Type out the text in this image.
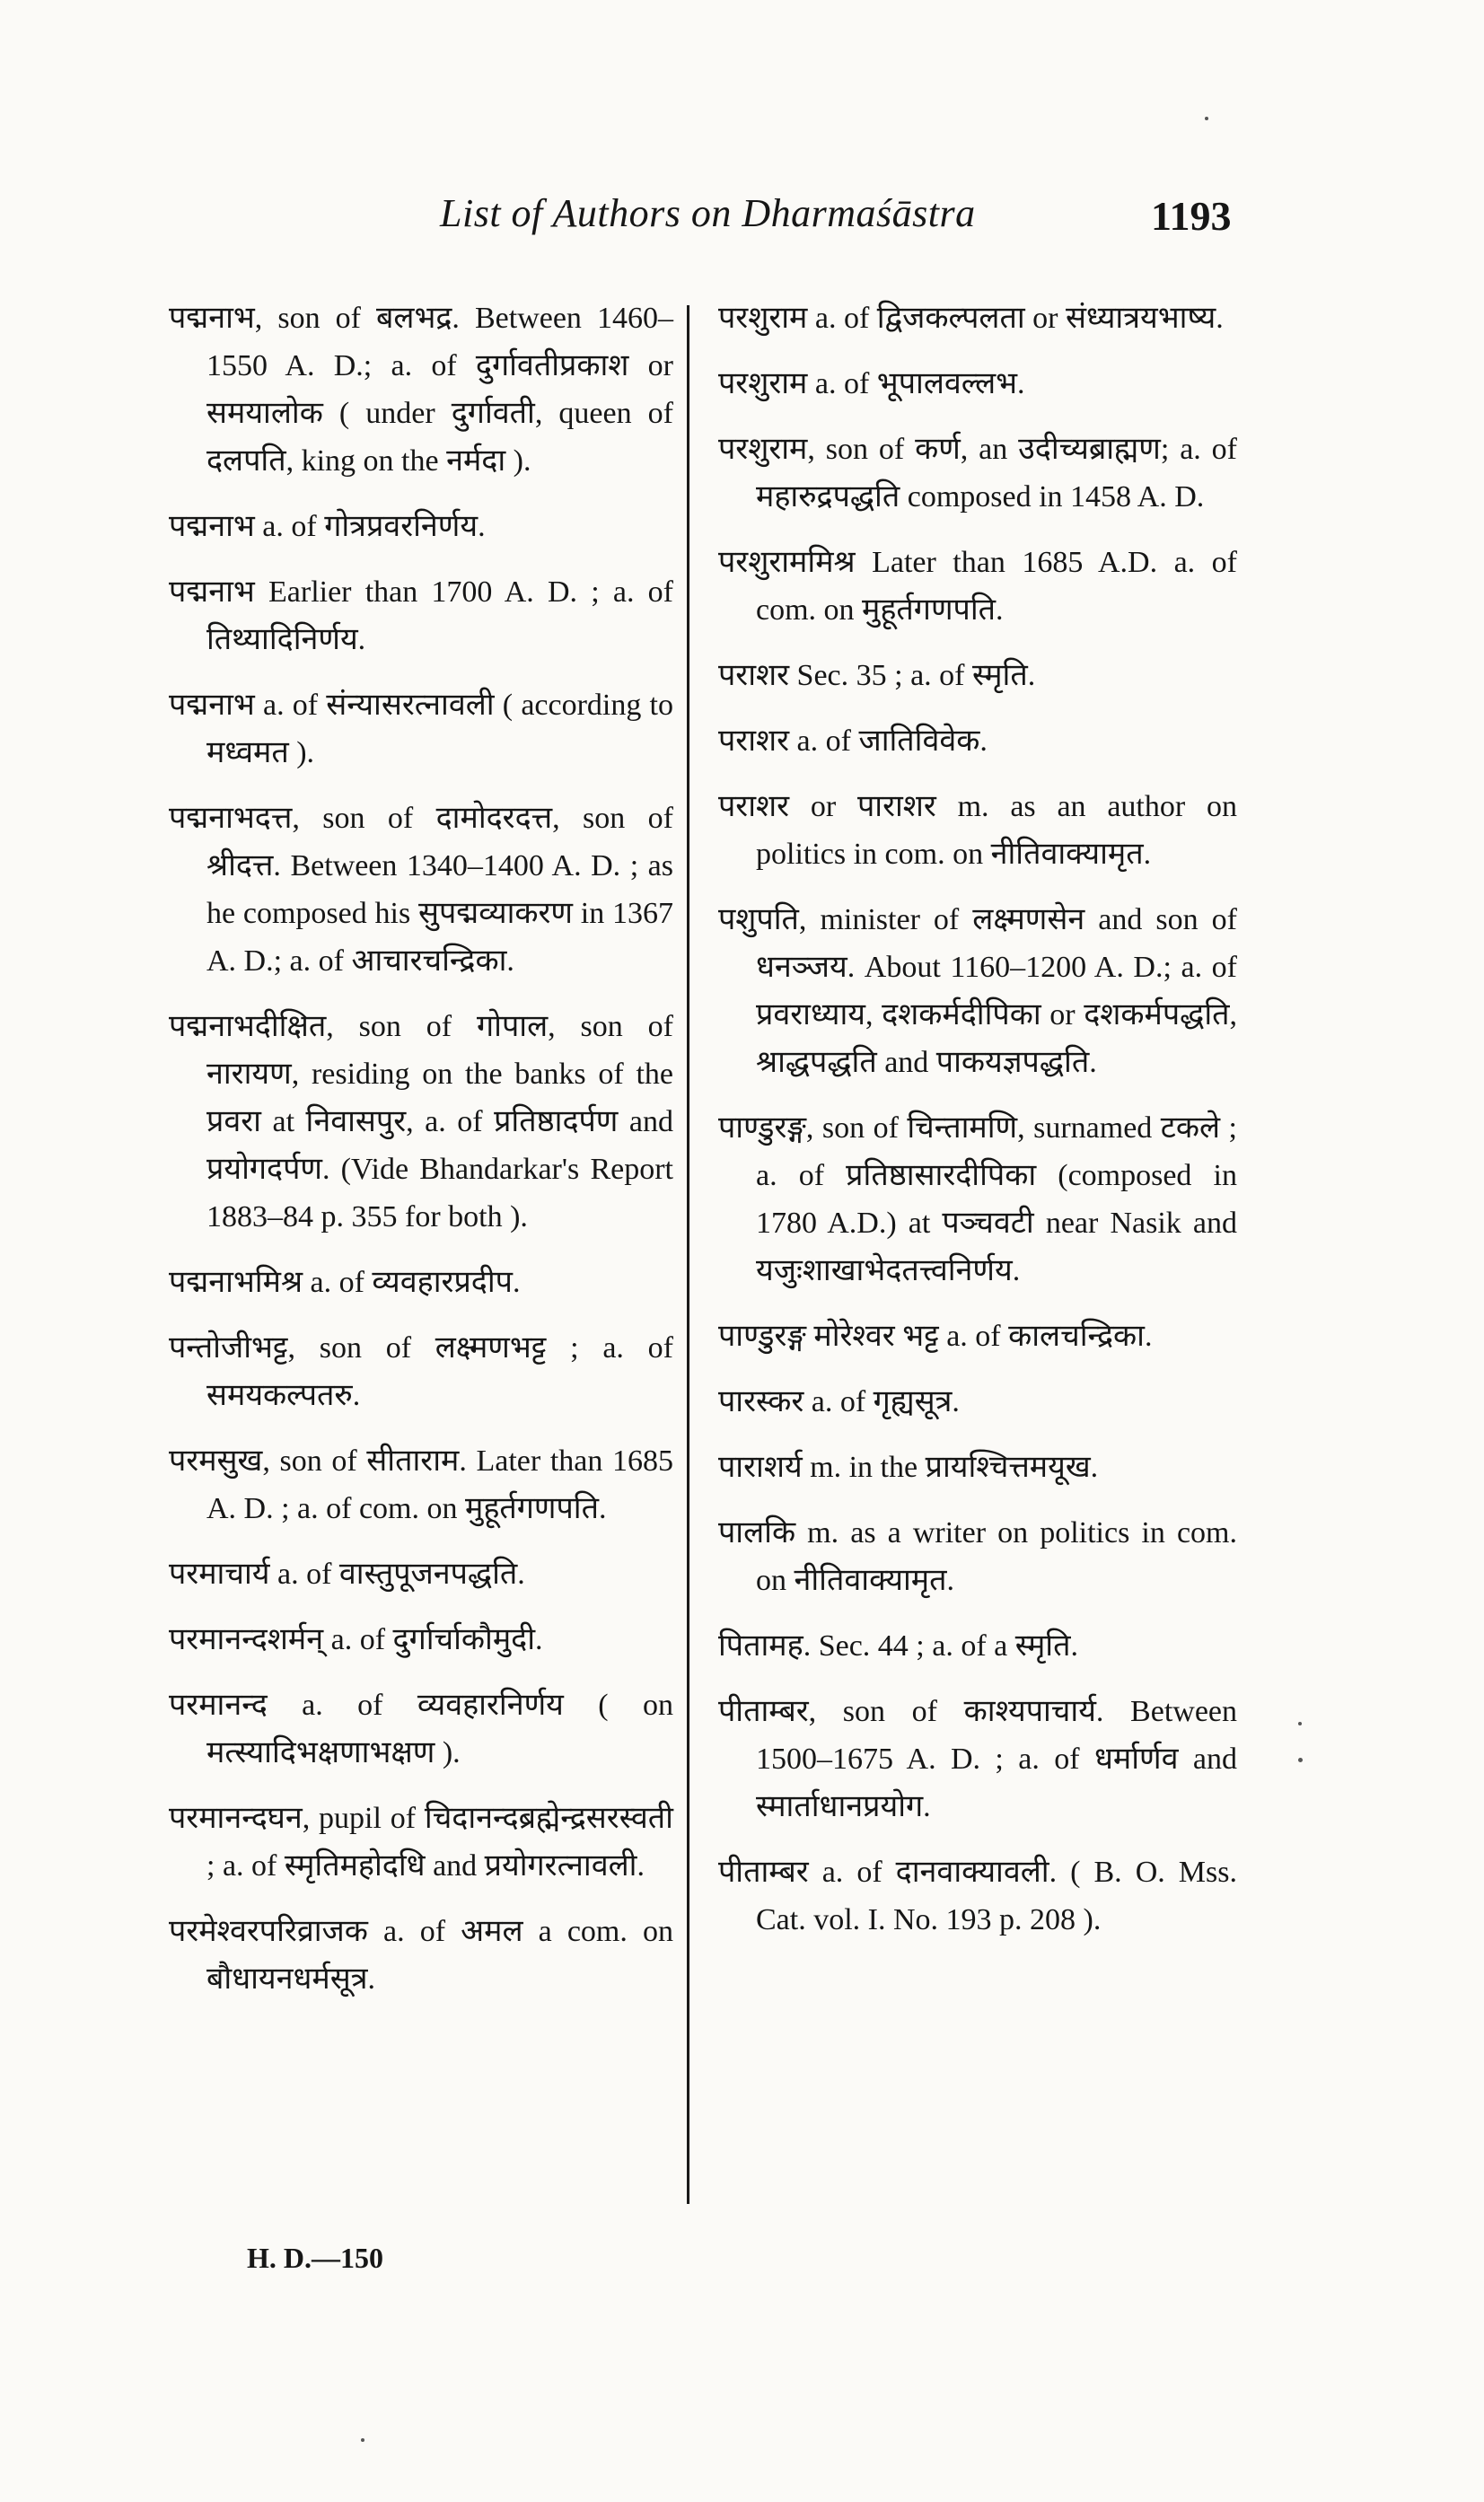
List of Authors on Dharmaśāstra	1193

पद्मनाभ, son of बलभद्र. Between 1460–1550 A. D.; a. of दुर्गावतीप्रकाश or समयालोक ( under दुर्गावती, queen of दलपति, king on the नर्मदा ).

पद्मनाभ a. of गोत्रप्रवरनिर्णय.

पद्मनाभ Earlier than 1700 A. D. ; a. of तिथ्यादिनिर्णय.

पद्मनाभ a. of संन्यासरत्नावली ( according to मध्वमत ).

पद्मनाभदत्त, son of दामोदरदत्त, son of श्रीदत्त. Between 1340–1400 A. D. ; as he composed his सुपद्मव्याकरण in 1367 A. D.; a. of आचारचन्द्रिका.

पद्मनाभदीक्षित, son of गोपाल, son of नारायण, residing on the banks of the प्रवरा at निवासपुर, a. of प्रतिष्ठादर्पण and प्रयोगदर्पण. (Vide Bhandarkar's Report 1883–84 p. 355 for both ).

पद्मनाभमिश्र a. of व्यवहारप्रदीप.

पन्तोजीभट्ट, son of लक्ष्मणभट्ट ; a. of समयकल्पतरु.

परमसुख, son of सीताराम. Later than 1685 A. D. ; a. of com. on मुहूर्तगणपति.

परमाचार्य a. of वास्तुपूजनपद्धति.

परमानन्दशर्मन् a. of दुर्गार्चाकौमुदी.

परमानन्द a. of व्यवहारनिर्णय ( on मत्स्यादिभक्षणाभक्षण ).

परमानन्दघन, pupil of चिदानन्दब्रह्मेन्द्रसरस्वती ; a. of स्मृतिमहोदधि and प्रयोगरत्नावली.

परमेश्वरपरिव्राजक a. of अमल a com. on बौधायनधर्मसूत्र.

परशुराम a. of द्विजकल्पलता or संध्यात्रयभाष्य.

परशुराम a. of भूपालवल्लभ.

परशुराम, son of कर्ण, an उदीच्यब्राह्मण; a. of महारुद्रपद्धति composed in 1458 A. D.

परशुराममिश्र Later than 1685 A.D. a. of com. on मुहूर्तगणपति.

पराशर Sec. 35 ; a. of स्मृति.

पराशर a. of जातिविवेक.

पराशर or पाराशर m. as an author on politics in com. on नीतिवाक्यामृत.

पशुपति, minister of लक्ष्मणसेन and son of धनञ्जय. About 1160–1200 A. D.; a. of प्रवराध्याय, दशकर्मदीपिका or दशकर्मपद्धति, श्राद्धपद्धति and पाकयज्ञपद्धति.

पाण्डुरङ्ग, son of चिन्तामणि, surnamed टकले ; a. of प्रतिष्ठासारदीपिका (composed in 1780 A.D.) at पञ्चवटी near Nasik and यजुःशाखाभेदतत्त्वनिर्णय.

पाण्डुरङ्ग मोरेश्वर भट्ट a. of कालचन्द्रिका.

पारस्कर a. of गृह्यसूत्र.

पाराशर्य m. in the प्रायश्चित्तमयूख.

पालकि m. as a writer on politics in com. on नीतिवाक्यामृत.

पितामह. Sec. 44 ; a. of a स्मृति.

पीताम्बर, son of काश्यपाचार्य. Between 1500–1675 A. D. ; a. of धर्मार्णव and स्मार्ताधानप्रयोग.

पीताम्बर a. of दानवाक्यावली. ( B. O. Mss. Cat. vol. I. No. 193 p. 208 ).

H. D.—150
